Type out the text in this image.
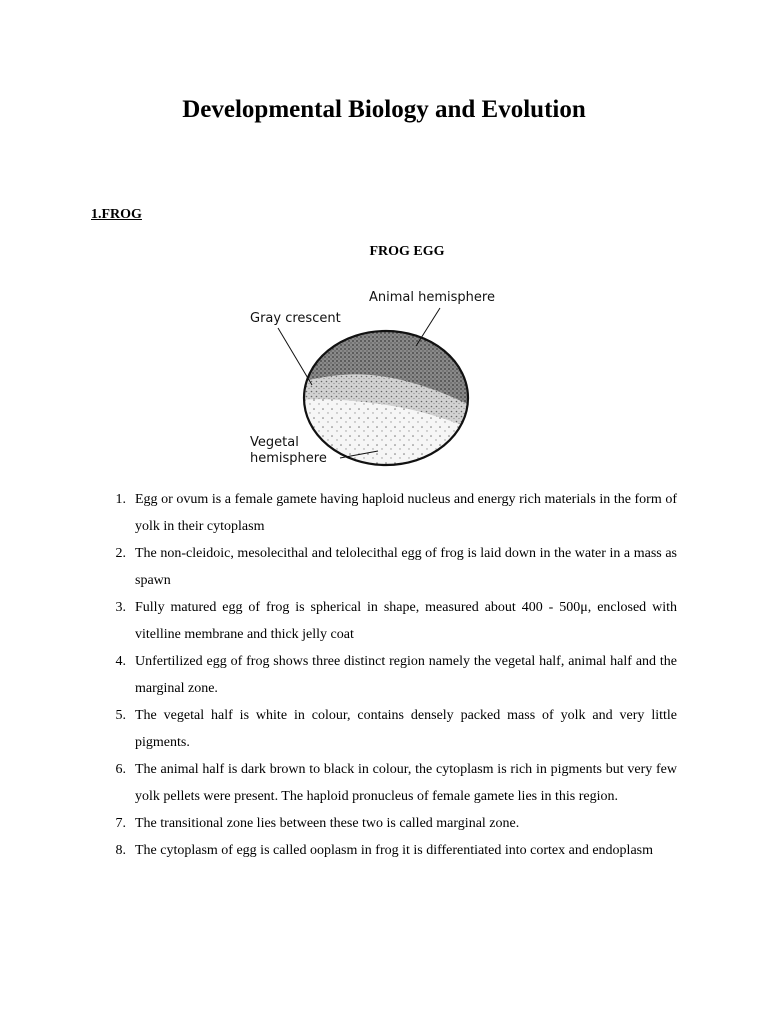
Developmental Biology and Evolution
1.FROG
FROG EGG
Animal hemisphere
Gray crescent
Vegetal
hemisphere
1. Egg or ovum is a female gamete having haploid nucleus and energy rich materials in the form of yolk in their cytoplasm
2. The non-cleidoic, mesolecithal and telolecithal egg of frog is laid down in the water in a mass as spawn
3. Fully matured egg of frog is spherical in shape, measured about 400 - 500μ, enclosed with vitelline membrane and thick jelly coat
4. Unfertilized egg of frog shows three distinct region namely the vegetal half, animal half and the marginal zone.
5. The vegetal half is white in colour, contains densely packed mass of yolk and very little pigments.
6. The animal half is dark brown to black in colour, the cytoplasm is rich in pigments but very few yolk pellets were present. The haploid pronucleus of female gamete lies in this region.
7. The transitional zone lies between these two is called marginal zone.
8. The cytoplasm of egg is called ooplasm in frog it is differentiated into cortex and endoplasm
